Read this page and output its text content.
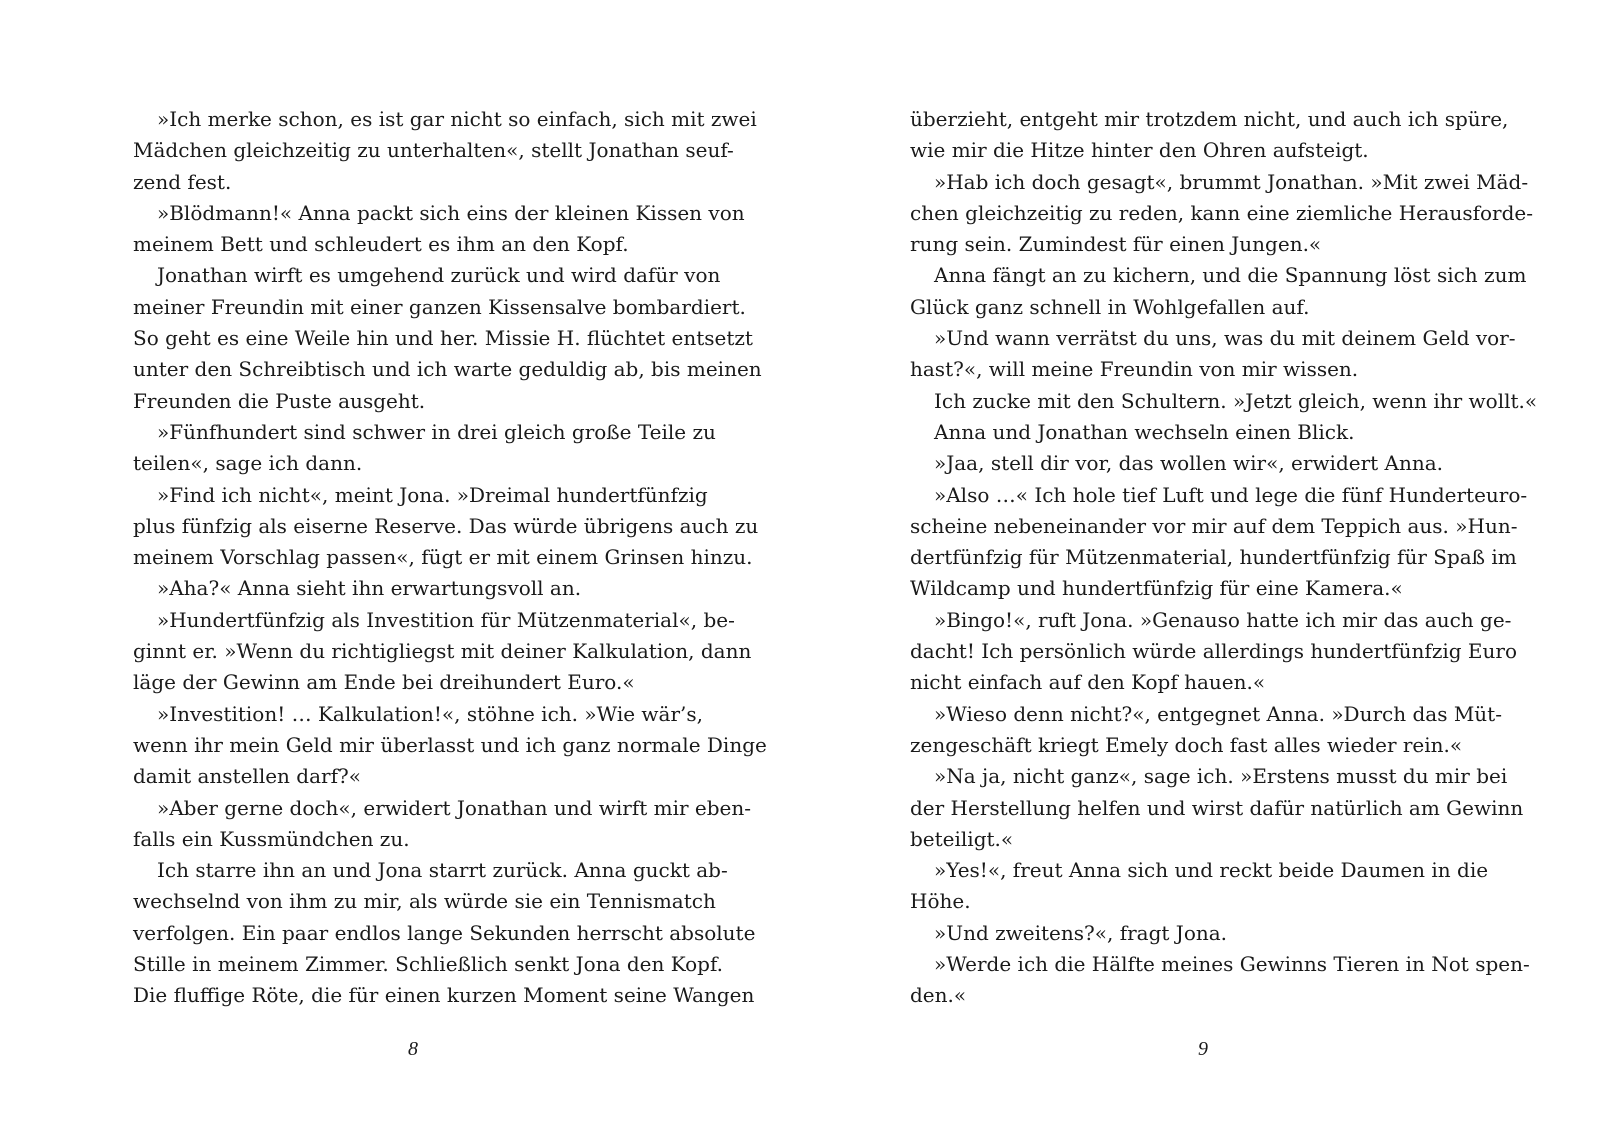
»Ich merke schon, es ist gar nicht so einfach, sich mit zwei
Mädchen gleichzeitig zu unterhalten«, stellt Jonathan seuf-
zend fest.
»Blödmann!« Anna packt sich eins der kleinen Kissen von
meinem Bett und schleudert es ihm an den Kopf.
Jonathan wirft es umgehend zurück und wird dafür von
meiner Freundin mit einer ganzen Kissensalve bombardiert.
So geht es eine Weile hin und her. Missie H. flüchtet entsetzt
unter den Schreibtisch und ich warte geduldig ab, bis meinen
Freunden die Puste ausgeht.
»Fünfhundert sind schwer in drei gleich große Teile zu
teilen«, sage ich dann.
»Find ich nicht«, meint Jona. »Dreimal hundertfünfzig
plus fünfzig als eiserne Reserve. Das würde übrigens auch zu
meinem Vorschlag passen«, fügt er mit einem Grinsen hinzu.
»Aha?« Anna sieht ihn erwartungsvoll an.
»Hundertfünfzig als Investition für Mützenmaterial«, be-
ginnt er. »Wenn du richtigliegst mit deiner Kalkulation, dann
läge der Gewinn am Ende bei dreihundert Euro.«
»Investition! … Kalkulation!«, stöhne ich. »Wie wär’s,
wenn ihr mein Geld mir überlasst und ich ganz normale Dinge
damit anstellen darf?«
»Aber gerne doch«, erwidert Jonathan und wirft mir eben-
falls ein Kussmündchen zu.
Ich starre ihn an und Jona starrt zurück. Anna guckt ab-
wechselnd von ihm zu mir, als würde sie ein Tennismatch
verfolgen. Ein paar endlos lange Sekunden herrscht absolute
Stille in meinem Zimmer. Schließlich senkt Jona den Kopf.
Die fluffige Röte, die für einen kurzen Moment seine Wangen
überzieht, entgeht mir trotzdem nicht, und auch ich spüre,
wie mir die Hitze hinter den Ohren aufsteigt.
»Hab ich doch gesagt«, brummt Jonathan. »Mit zwei Mäd-
chen gleichzeitig zu reden, kann eine ziemliche Herausforde-
rung sein. Zumindest für einen Jungen.«
Anna fängt an zu kichern, und die Spannung löst sich zum
Glück ganz schnell in Wohlgefallen auf.
»Und wann verrätst du uns, was du mit deinem Geld vor-
hast?«, will meine Freundin von mir wissen.
Ich zucke mit den Schultern. »Jetzt gleich, wenn ihr wollt.«
Anna und Jonathan wechseln einen Blick.
»Jaa, stell dir vor, das wollen wir«, erwidert Anna.
»Also …« Ich hole tief Luft und lege die fünf Hunderteuro-
scheine nebeneinander vor mir auf dem Teppich aus. »Hun-
dertfünfzig für Mützenmaterial, hundertfünfzig für Spaß im
Wildcamp und hundertfünfzig für eine Kamera.«
»Bingo!«, ruft Jona. »Genauso hatte ich mir das auch ge-
dacht! Ich persönlich würde allerdings hundertfünfzig Euro
nicht einfach auf den Kopf hauen.«
»Wieso denn nicht?«, entgegnet Anna. »Durch das Müt-
zengeschäft kriegt Emely doch fast alles wieder rein.«
»Na ja, nicht ganz«, sage ich. »Erstens musst du mir bei
der Herstellung helfen und wirst dafür natürlich am Gewinn
beteiligt.«
»Yes!«, freut Anna sich und reckt beide Daumen in die
Höhe.
»Und zweitens?«, fragt Jona.
»Werde ich die Hälfte meines Gewinns Tieren in Not spen-
den.«
8	9
